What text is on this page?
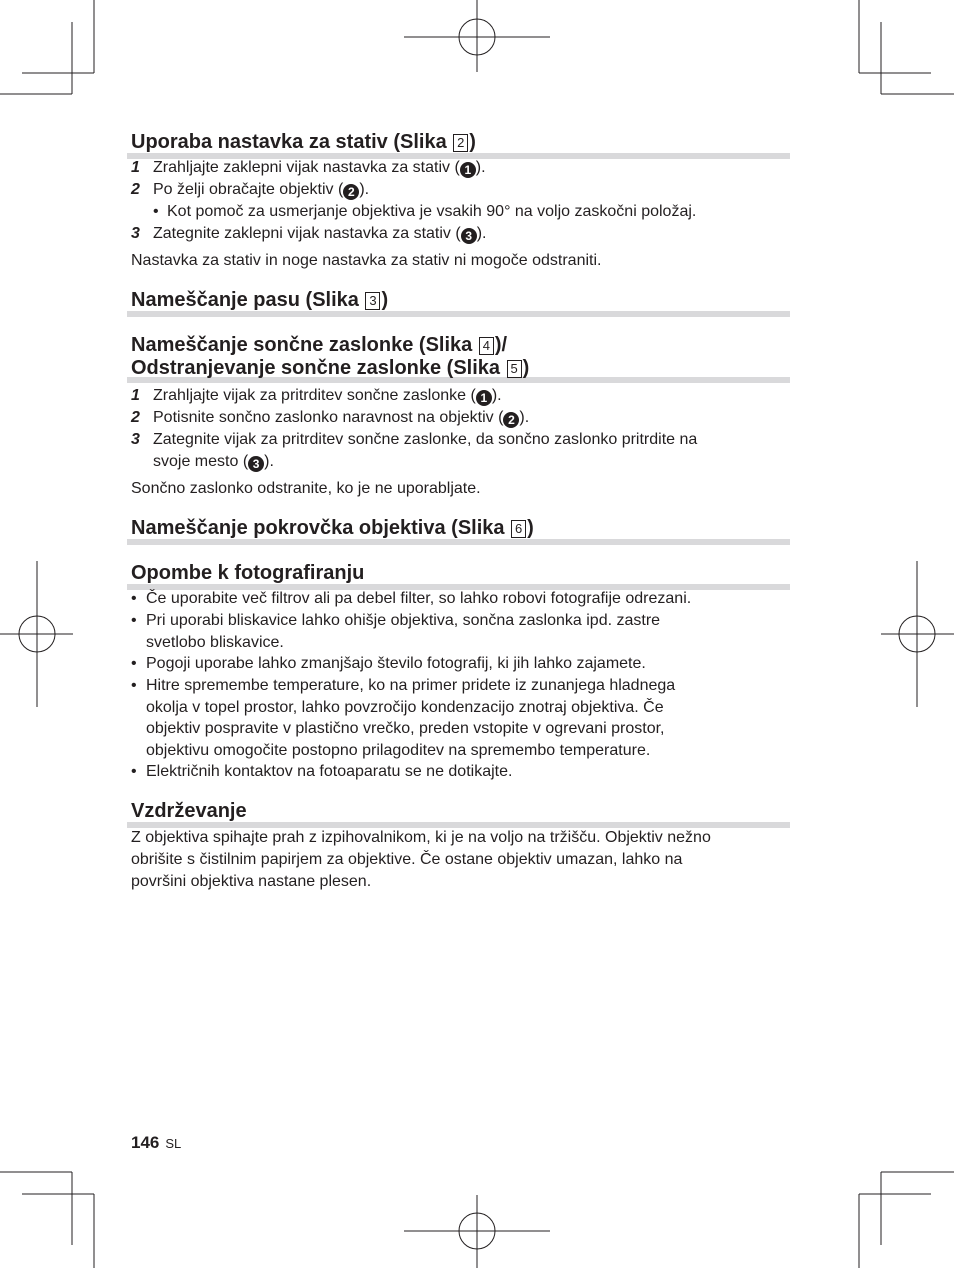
Uporaba nastavka za stativ (Slika 2 )
1 Zrahljajte zaklepni vijak nastavka za stativ ( 1 ).
2 Po želji obračajte objektiv ( 2 ).
• Kot pomoč za usmerjanje objektiva je vsakih 90° na voljo zaskočni položaj.
3 Zategnite zaklepni vijak nastavka za stativ ( 3 ).
Nastavka za stativ in noge nastavka za stativ ni mogoče odstraniti.
Nameščanje pasu (Slika 3 )
Nameščanje sončne zaslonke (Slika 4 )/
Odstranjevanje sončne zaslonke (Slika 5 )
1 Zrahljajte vijak za pritrditev sončne zaslonke ( 1 ).
2 Potisnite sončno zaslonko naravnost na objektiv ( 2 ).
3 Zategnite vijak za pritrditev sončne zaslonke, da sončno zaslonko pritrdite na
svoje mesto ( 3 ).
Sončno zaslonko odstranite, ko je ne uporabljate.
Nameščanje pokrovčka objektiva (Slika 6 )
Opombe k fotografiranju
• Če uporabite več filtrov ali pa debel filter, so lahko robovi fotografije odrezani.
• Pri uporabi bliskavice lahko ohišje objektiva, sončna zaslonka ipd. zastre
svetlobo bliskavice.
• Pogoji uporabe lahko zmanjšajo število fotografij, ki jih lahko zajamete.
• Hitre spremembe temperature, ko na primer pridete iz zunanjega hladnega
okolja v topel prostor, lahko povzročijo kondenzacijo znotraj objektiva. Če
objektiv pospravite v plastično vrečko, preden vstopite v ogrevani prostor,
objektivu omogočite postopno prilagoditev na spremembo temperature.
• Električnih kontaktov na fotoaparatu se ne dotikajte.
Vzdrževanje
Z objektiva spihajte prah z izpihovalnikom, ki je na voljo na tržišču. Objektiv nežno
obrišite s čistilnim papirjem za objektive. Če ostane objektiv umazan, lahko na
površini objektiva nastane plesen.
146 SL
